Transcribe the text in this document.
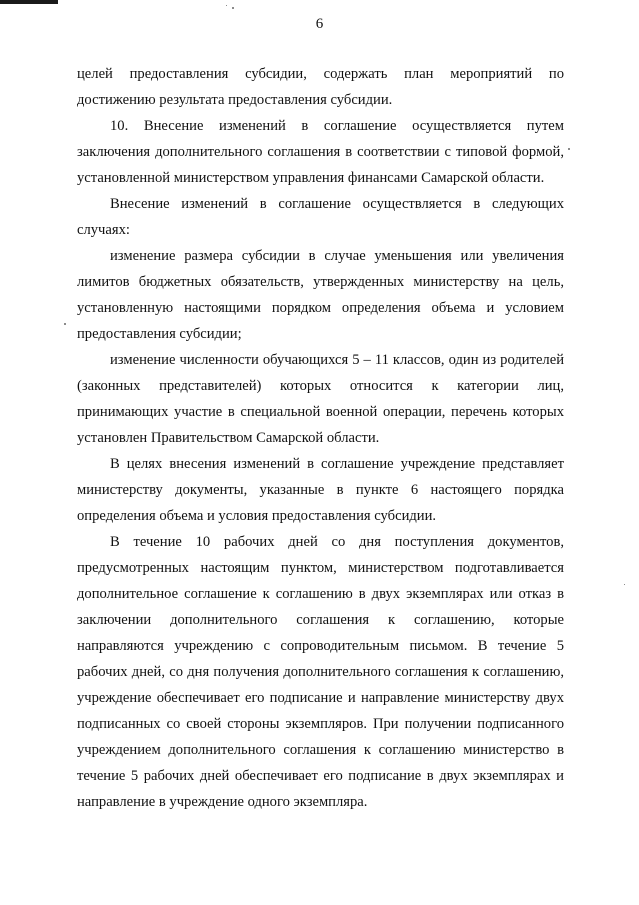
6

целей предоставления субсидии, содержать план мероприятий по достижению результата предоставления субсидии.

10. Внесение изменений в соглашение осуществляется путем заключения дополнительного соглашения в соответствии с типовой формой, установленной министерством управления финансами Самарской области.

Внесение изменений в соглашение осуществляется в следующих случаях:

изменение размера субсидии в случае уменьшения или увеличения лимитов бюджетных обязательств, утвержденных министерству на цель, установленную настоящими порядком определения объема и условием предоставления субсидии;

изменение численности обучающихся 5 – 11 классов, один из родителей (законных представителей) которых относится к категории лиц, принимающих участие в специальной военной операции, перечень которых установлен Правительством Самарской области.

В целях внесения изменений в соглашение учреждение представляет министерству документы, указанные в пункте 6 настоящего порядка определения объема и условия предоставления субсидии.

В течение 10 рабочих дней со дня поступления документов, предусмотренных настоящим пунктом, министерством подготавливается дополнительное соглашение к соглашению в двух экземплярах или отказ в заключении дополнительного соглашения к соглашению, которые направляются учреждению с сопроводительным письмом. В течение 5 рабочих дней, со дня получения дополнительного соглашения к соглашению, учреждение обеспечивает его подписание и направление министерству двух подписанных со своей стороны экземпляров. При получении подписанного учреждением дополнительного соглашения к соглашению министерство в течение 5 рабочих дней обеспечивает его подписание в двух экземплярах и направление в учреждение одного экземпляра.
